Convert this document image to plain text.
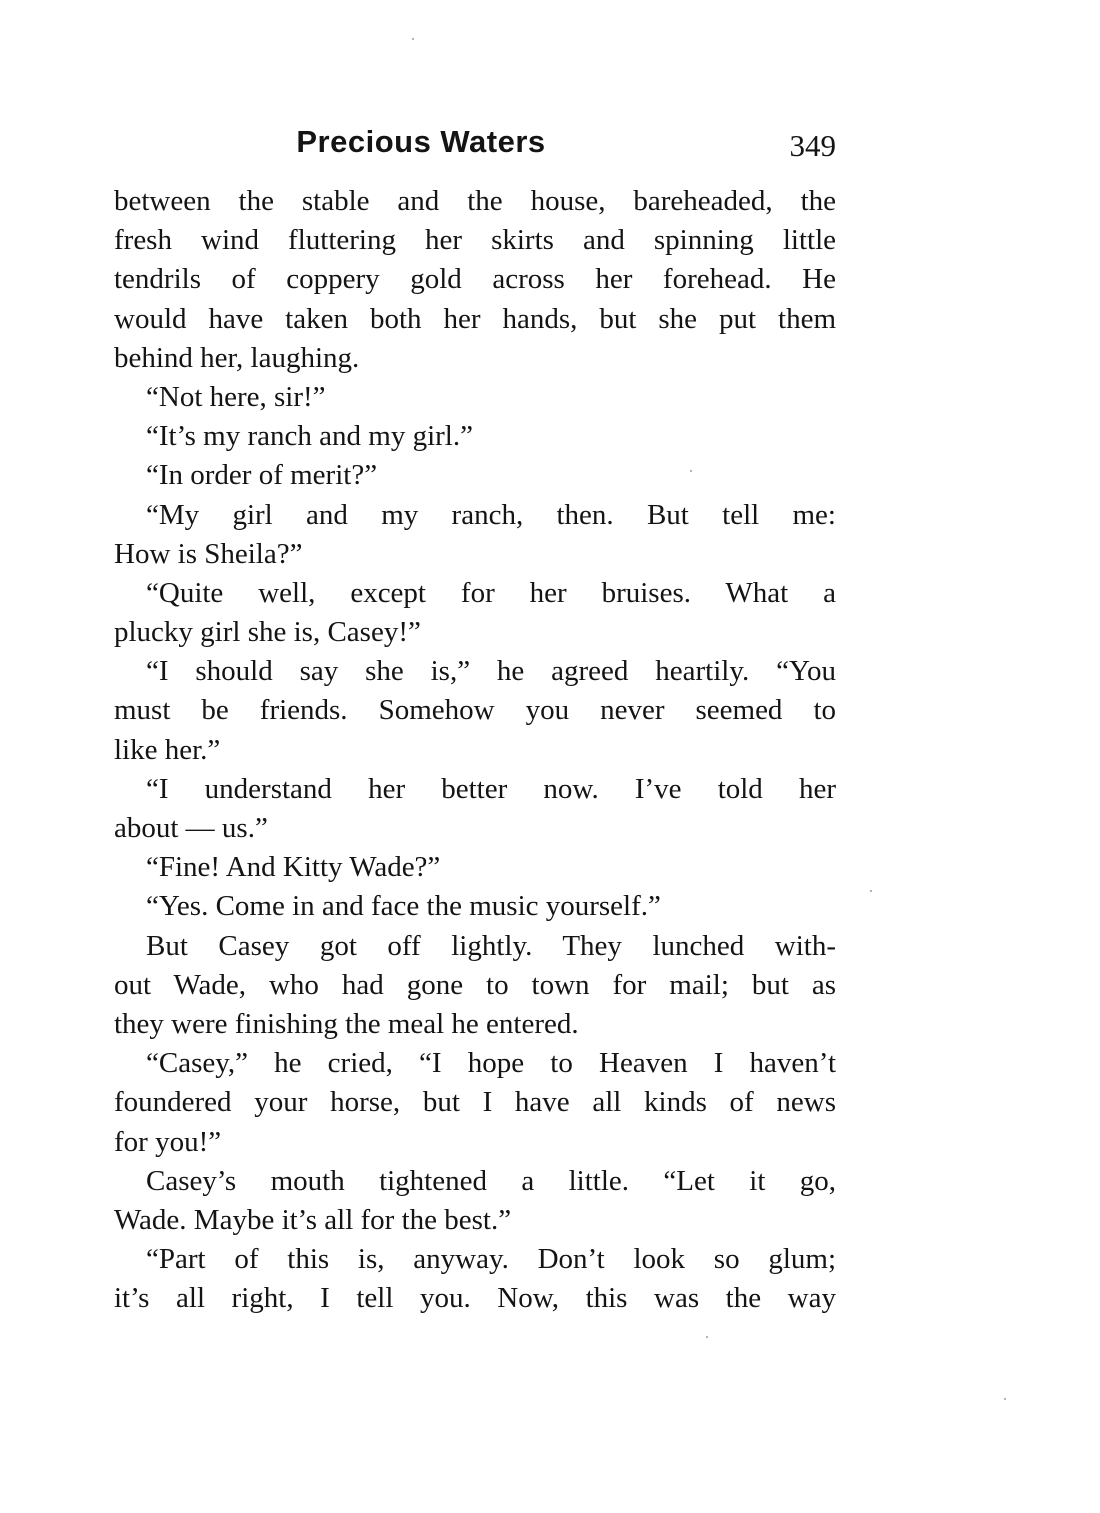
Precious Waters	349
between the stable and the house, bareheaded, the
fresh wind fluttering her skirts and spinning little
tendrils of coppery gold across her forehead. He
would have taken both her hands, but she put them
behind her, laughing.
“Not here, sir!”
“It’s my ranch and my girl.”
“In order of merit?”
“My girl and my ranch, then. But tell me:
How is Sheila?”
“Quite well, except for her bruises. What a
plucky girl she is, Casey!”
“I should say she is,” he agreed heartily. “You
must be friends. Somehow you never seemed to
like her.”
“I understand her better now. I’ve told her
about — us.”
“Fine! And Kitty Wade?”
“Yes. Come in and face the music yourself.”
But Casey got off lightly. They lunched with-
out Wade, who had gone to town for mail; but as
they were finishing the meal he entered.
“Casey,” he cried, “I hope to Heaven I haven’t
foundered your horse, but I have all kinds of news
for you!”
Casey’s mouth tightened a little. “Let it go,
Wade. Maybe it’s all for the best.”
“Part of this is, anyway. Don’t look so glum;
it’s all right, I tell you. Now, this was the way
